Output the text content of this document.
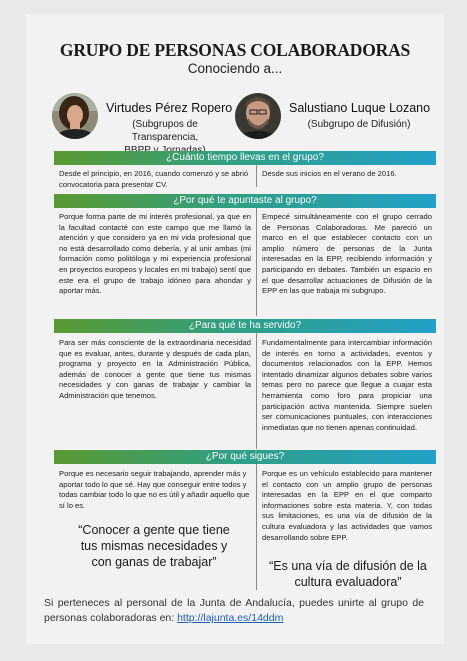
GRUPO DE PERSONAS COLABORADORAS
Conociendo a...
Virtudes Pérez Ropero
(Subgrupos de Transparencia,
Salustiano Luque Lozano
(Subgrupo de Difusión)
¿Cuánto tiempo llevas en el grupo?

Desde el principio, en 2016, cuando comenzó y se abrió convocatoria para presentar CV.

Desde sus inicios en el verano de 2016.

¿Por qué te apuntaste al grupo?

Porque forma parte de mi interés profesional, ya que en la facultad contacté con este campo que me llamó la atención y que considero ya en mi vida profesional que no está desarrollado como debería, y al unir ambas (mi formación como politóloga y mi experiencia profesional en proyectos europeos y locales en mi trabajo) sentí que este era el grupo de trabajo idóneo para ahondar y aportar más.

Empecé simultáneamente con el grupo cerrado de Personas Colaboradoras. Me pareció un marco en el que establecer contacto con un amplio número de personas de la Junta interesadas en la EPP, recibiendo información y participando en debates. También un espacio en el que desarrollar actuaciones de Difusión de la EPP en las que trabaja mi subgrupo.

¿Para qué te ha servido?

Para ser más consciente de la extraordinaria necesidad que es evaluar, antes, durante y después de cada plan, programa y proyecto en la Administración Pública, además de conocer a gente que tiene tus mismas necesidades y con ganas de trabajar y cambiar la Administración que tenemos.

Fundamentalmente para intercambiar información de interés en torno a actividades, eventos y documentos relacionados con la EPP. Hemos intentado dinamizar algunos debates sobre varios temas pero no parece que llegue a cuajar esta herramienta como foro para propiciar una participación activa mantenida. Siempre suelen ser comunicaciones puntuales, con interacciones inmediatas que no tienen apenas continuidad.

¿Por qué sigues?

Porque es necesario seguir trabajando, aprender más y aportar todo lo que sé. Hay que conseguir entre todos y todas cambiar todo lo que no es útil y añadir aquello que sí lo es.

Porque es un vehículo establecido para mantener el contacto con un amplio grupo de personas interesadas en la EPP en el que comparto informaciones sobre esta materia. Y, con todas sus limitaciones, es una vía de difusión de la cultura evaluadora y las actividades que vamos desarrollando sobre EPP.

“Conocer a gente que tiene
tus mismas necesidades y
con ganas de trabajar”	“Es una vía de difusión de la
cultura evaluadora”

Si perteneces al personal de la Junta de Andalucía, puedes unirte al grupo de personas colaboradoras en: http://lajunta.es/14ddm
